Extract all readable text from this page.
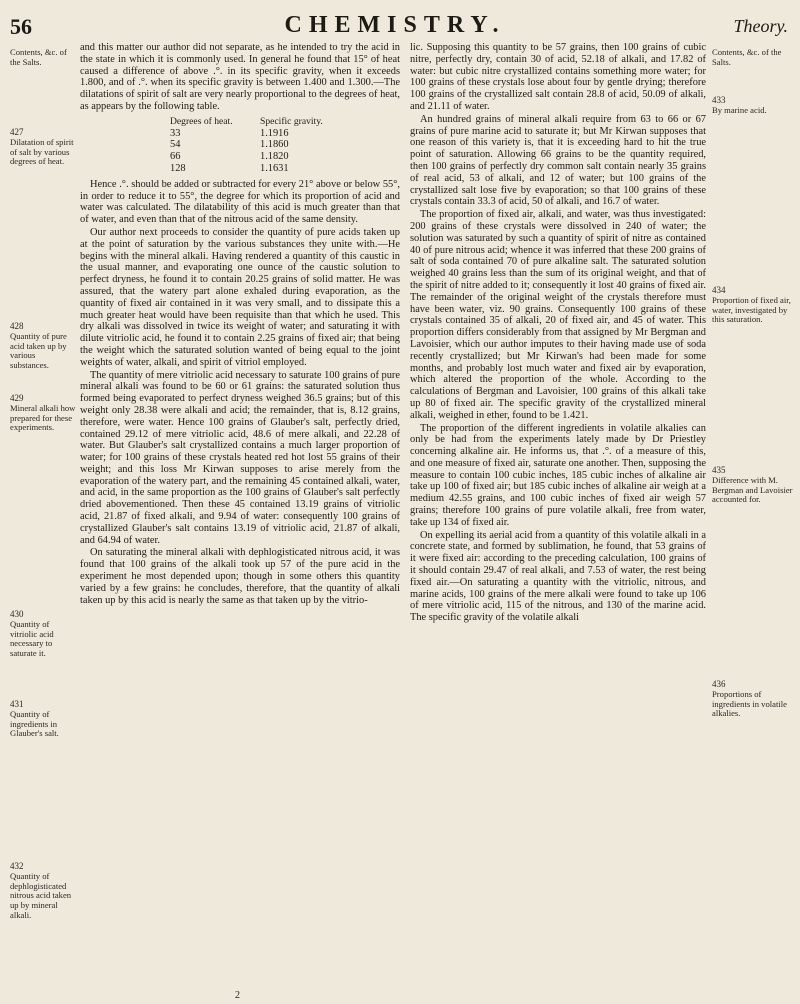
56	CHEMISTRY.	Theory.
Contents, &c. of the Salts.
427
Dilatation of spirit of salt by various degrees of heat.
428
Quantity of pure acid taken up by various substances.
429
Mineral alkali how prepared for these experiments.
430
Quantity of vitriolic acid necessary to saturate it.
431
Quantity of ingredients in Glauber's salt.
432
Quantity of dephlogisticated nitrous acid taken up by mineral alkali.

and this matter our author did not separate, as he intended to try the acid in the state in which it is commonly used. In general he found that 15° of heat caused a difference of above .°. in its specific gravity, when it exceeds 1.800, and of .°. when its specific gravity is between 1.400 and 1.300.—The dilatations of spirit of salt are very nearly proportional to the degrees of heat, as appears by the following table.

Degrees of heat.	Specific gravity.
33	1.1916
54	1.1860
66	1.1820
128	1.1631

Hence .°. should be added or subtracted for every 21° above or below 55°, in order to reduce it to 55°, the degree for which its proportion of acid and water was calculated. The dilatability of this acid is much greater than that of water, and even than that of the nitrous acid of the same density.

Our author next proceeds to consider the quantity of pure acids taken up at the point of saturation by the various substances they unite with.—He begins with the mineral alkali. Having rendered a quantity of this caustic in the usual manner, and evaporating one ounce of the caustic solution to perfect dryness, he found it to contain 20.25 grains of solid matter. He was assured, that the watery part alone exhaled during evaporation, as the quantity of fixed air contained in it was very small, and to dissipate this a much greater heat would have been requisite than that which he used. This dry alkali was dissolved in twice its weight of water; and saturating it with dilute vitriolic acid, he found it to contain 2.25 grains of fixed air; that being the weight which the saturated solution wanted of being equal to the joint weights of water, alkali, and spirit of vitriol employed.

The quantity of mere vitriolic acid necessary to saturate 100 grains of pure mineral alkali was found to be 60 or 61 grains: the saturated solution thus formed being evaporated to perfect dryness weighed 36.5 grains; but of this weight only 28.38 were alkali and acid; the remainder, that is, 8.12 grains, therefore, were water. Hence 100 grains of Glauber's salt, perfectly dried, contained 29.12 of mere vitriolic acid, 48.6 of mere alkali, and 22.28 of water. But Glauber's salt crystallized contains a much larger proportion of water; for 100 grains of these crystals heated red hot lost 55 grains of their weight; and this loss Mr Kirwan supposes to arise merely from the evaporation of the watery part, and the remaining 45 contained alkali, water, and acid, in the same proportion as the 100 grains of Glauber's salt perfectly dried abovementioned. Then these 45 contained 13.19 grains of vitriolic acid, 21.87 of fixed alkali, and 9.94 of water: consequently 100 grains of crystallized Glauber's salt contains 13.19 of vitriolic acid, 21.87 of alkali, and 64.94 of water.

On saturating the mineral alkali with dephlogisticated nitrous acid, it was found that 100 grains of the alkali took up 57 of the pure acid in the experiment he most depended upon; though in some others this quantity varied by a few grains: he concludes, therefore, that the quantity of alkali taken up by this acid is nearly the same as that taken up by the vitrio-

lic. Supposing this quantity to be 57 grains, then 100 grains of cubic nitre, perfectly dry, contain 30 of acid, 52.18 of alkali, and 17.82 of water: but cubic nitre crystallized contains something more water; for 100 grains of these crystals lose about four by gentle drying; therefore 100 grains of the crystallized salt contain 28.8 of acid, 50.09 of alkali, and 21.11 of water.

An hundred grains of mineral alkali require from 63 to 66 or 67 grains of pure marine acid to saturate it; but Mr Kirwan supposes that one reason of this variety is, that it is exceeding hard to hit the true point of saturation. Allowing 66 grains to be the quantity required, then 100 grains of perfectly dry common salt contain nearly 35 grains of real acid, 53 of alkali, and 12 of water; but 100 grains of the crystallized salt lose five by evaporation; so that 100 grains of these crystals contain 33.3 of acid, 50 of alkali, and 16.7 of water.

The proportion of fixed air, alkali, and water, was thus investigated: 200 grains of these crystals were dissolved in 240 of water; the solution was saturated by such a quantity of spirit of nitre as contained 40 of pure nitrous acid; whence it was inferred that these 200 grains of salt of soda contained 70 of pure alkaline salt. The saturated solution weighed 40 grains less than the sum of its original weight, and that of the spirit of nitre added to it; consequently it lost 40 grains of fixed air. The remainder of the original weight of the crystals therefore must have been water, viz. 90 grains. Consequently 100 grains of these crystals contained 35 of alkali, 20 of fixed air, and 45 of water. This proportion differs considerably from that assigned by Mr Bergman and Lavoisier, which our author imputes to their having made use of soda recently crystallized; but Mr Kirwan's had been made for some months, and probably lost much water and fixed air by evaporation, which altered the proportion of the whole. According to the calculations of Bergman and Lavoisier, 100 grains of this alkali take up 80 of fixed air. The specific gravity of the crystallized mineral alkali, weighed in ether, found to be 1.421.

The proportion of the different ingredients in volatile alkalies can only be had from the experiments lately made by Dr Priestley concerning alkaline air. He informs us, that .°. of a measure of this, and one measure of fixed air, saturate one another. Then, supposing the measure to contain 100 cubic inches, 185 cubic inches of alkaline air take up 100 of fixed air; but 185 cubic inches of alkaline air weigh at a medium 42.55 grains, and 100 cubic inches of fixed air weigh 57 grains; therefore 100 grains of pure volatile alkali, free from water, take up 134 of fixed air.

On expelling its aerial acid from a quantity of this volatile alkali in a concrete state, and formed by sublimation, he found, that 53 grains of it were fixed air: according to the preceding calculation, 100 grains of it should contain 29.47 of real alkali, and 7.53 of water, the rest being fixed air.—On saturating a quantity with the vitriolic, nitrous, and marine acids, 100 grains of the mere alkali were found to take up 106 of mere vitriolic acid, 115 of the nitrous, and 130 of the marine acid. The specific gravity of the volatile alkali

Contents, &c. of the Salts.
433
By marine acid.
434
Proportion of fixed air, water, investigated by this saturation.
435
Difference with M. Bergman and Lavoisier accounted for.
436
Proportions of ingredients in volatile alkalies.
2
